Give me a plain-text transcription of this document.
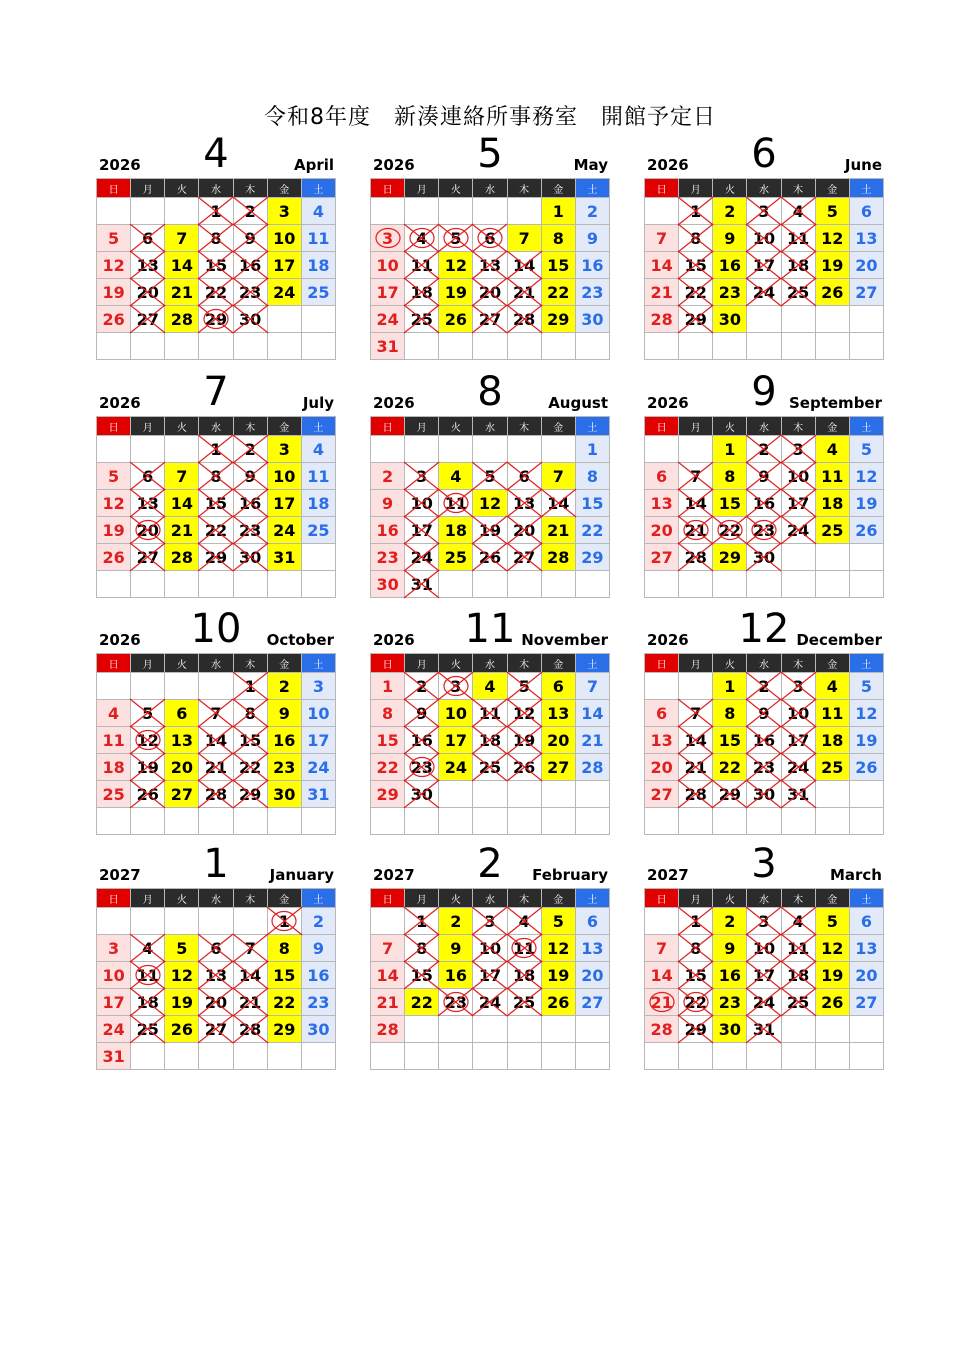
令和8年度　新湊連絡所事務室　開館予定日
2026	4	April
日	月	火	水	木	金	土
			1	2	3	4
5	6	7	8	9	10	11
12	13	14	15	16	17	18
19	20	21	22	23	24	25
26	27	28	29	30

2026	5	May
日	月	火	水	木	金	土
					1	2
3	4	5	6	7	8	9
10	11	12	13	14	15	16
17	18	19	20	21	22	23
24	25	26	27	28	29	30
31						
2026	6	June
日	月	火	水	木	金	土
	1	2	3	4	5	6
7	8	9	10	11	12	13
14	15	16	17	18	19	20
21	22	23	24	25	26	27
28	29	30				

2026	7	July
日	月	火	水	木	金	土
			1	2	3	4
5	6	7	8	9	10	11
12	13	14	15	16	17	18
19	20	21	22	23	24	25
26	27	28	29	30	31	

2026	8	August
日	月	火	水	木	金	土
						1
2	3	4	5	6	7	8
9	10	11	12	13	14	15
16	17	18	19	20	21	22
23	24	25	26	27	28	29
30	31

2026	9 September
日	月	火	水	木	金	土
		1	2	3	4	5
6	7	8	9	10	11	12
13	14	15	16	17	18	19
20	21	22	23	24	25	26
27	28	29	30

2026	10	October
日	月	火	水	木	金	土
				1	2	3
4	5	6	7	8	9	10
11	12	13	14	15	16	17
18	19	20	21	22	23	24
25	26	27	28	29	30	31

2026	11 November
日	月	火	水	木	金	土
1	2	3	4	5	6	7
8	9	10	11	12	13	14
15	16	17	18	19	20	21
22	23	24	25	26	27	28
29	30

2026	12 December
日	月	火	水	木	金	土
		1	2	3	4	5
6	7	8	9	10	11	12
13	14	15	16	17	18	19
20	21	22	23	24	25	26
27	28	29	30	31

2027	1	January
日	月	火	水	木	金	土
					1	2
3	4	5	6	7	8	9
10	11	12	13	14	15	16
17	18	19	20	21	22	23
24	25	26	27	28	29	30
31						
2027	2	February
日	月	火	水	木	金	土
	1	2	3	4	5	6
7	8	9	10	11	12	13
14	15	16	17	18	19	20
21	22	23	24	25	26	27
28						

2027	3	March
日	月	火	水	木	金	土
	1	2	3	4	5	6
7	8	9	10	11	12	13
14	15	16	17	18	19	20
21	22	23	24	25	26	27
28	29	30	31
